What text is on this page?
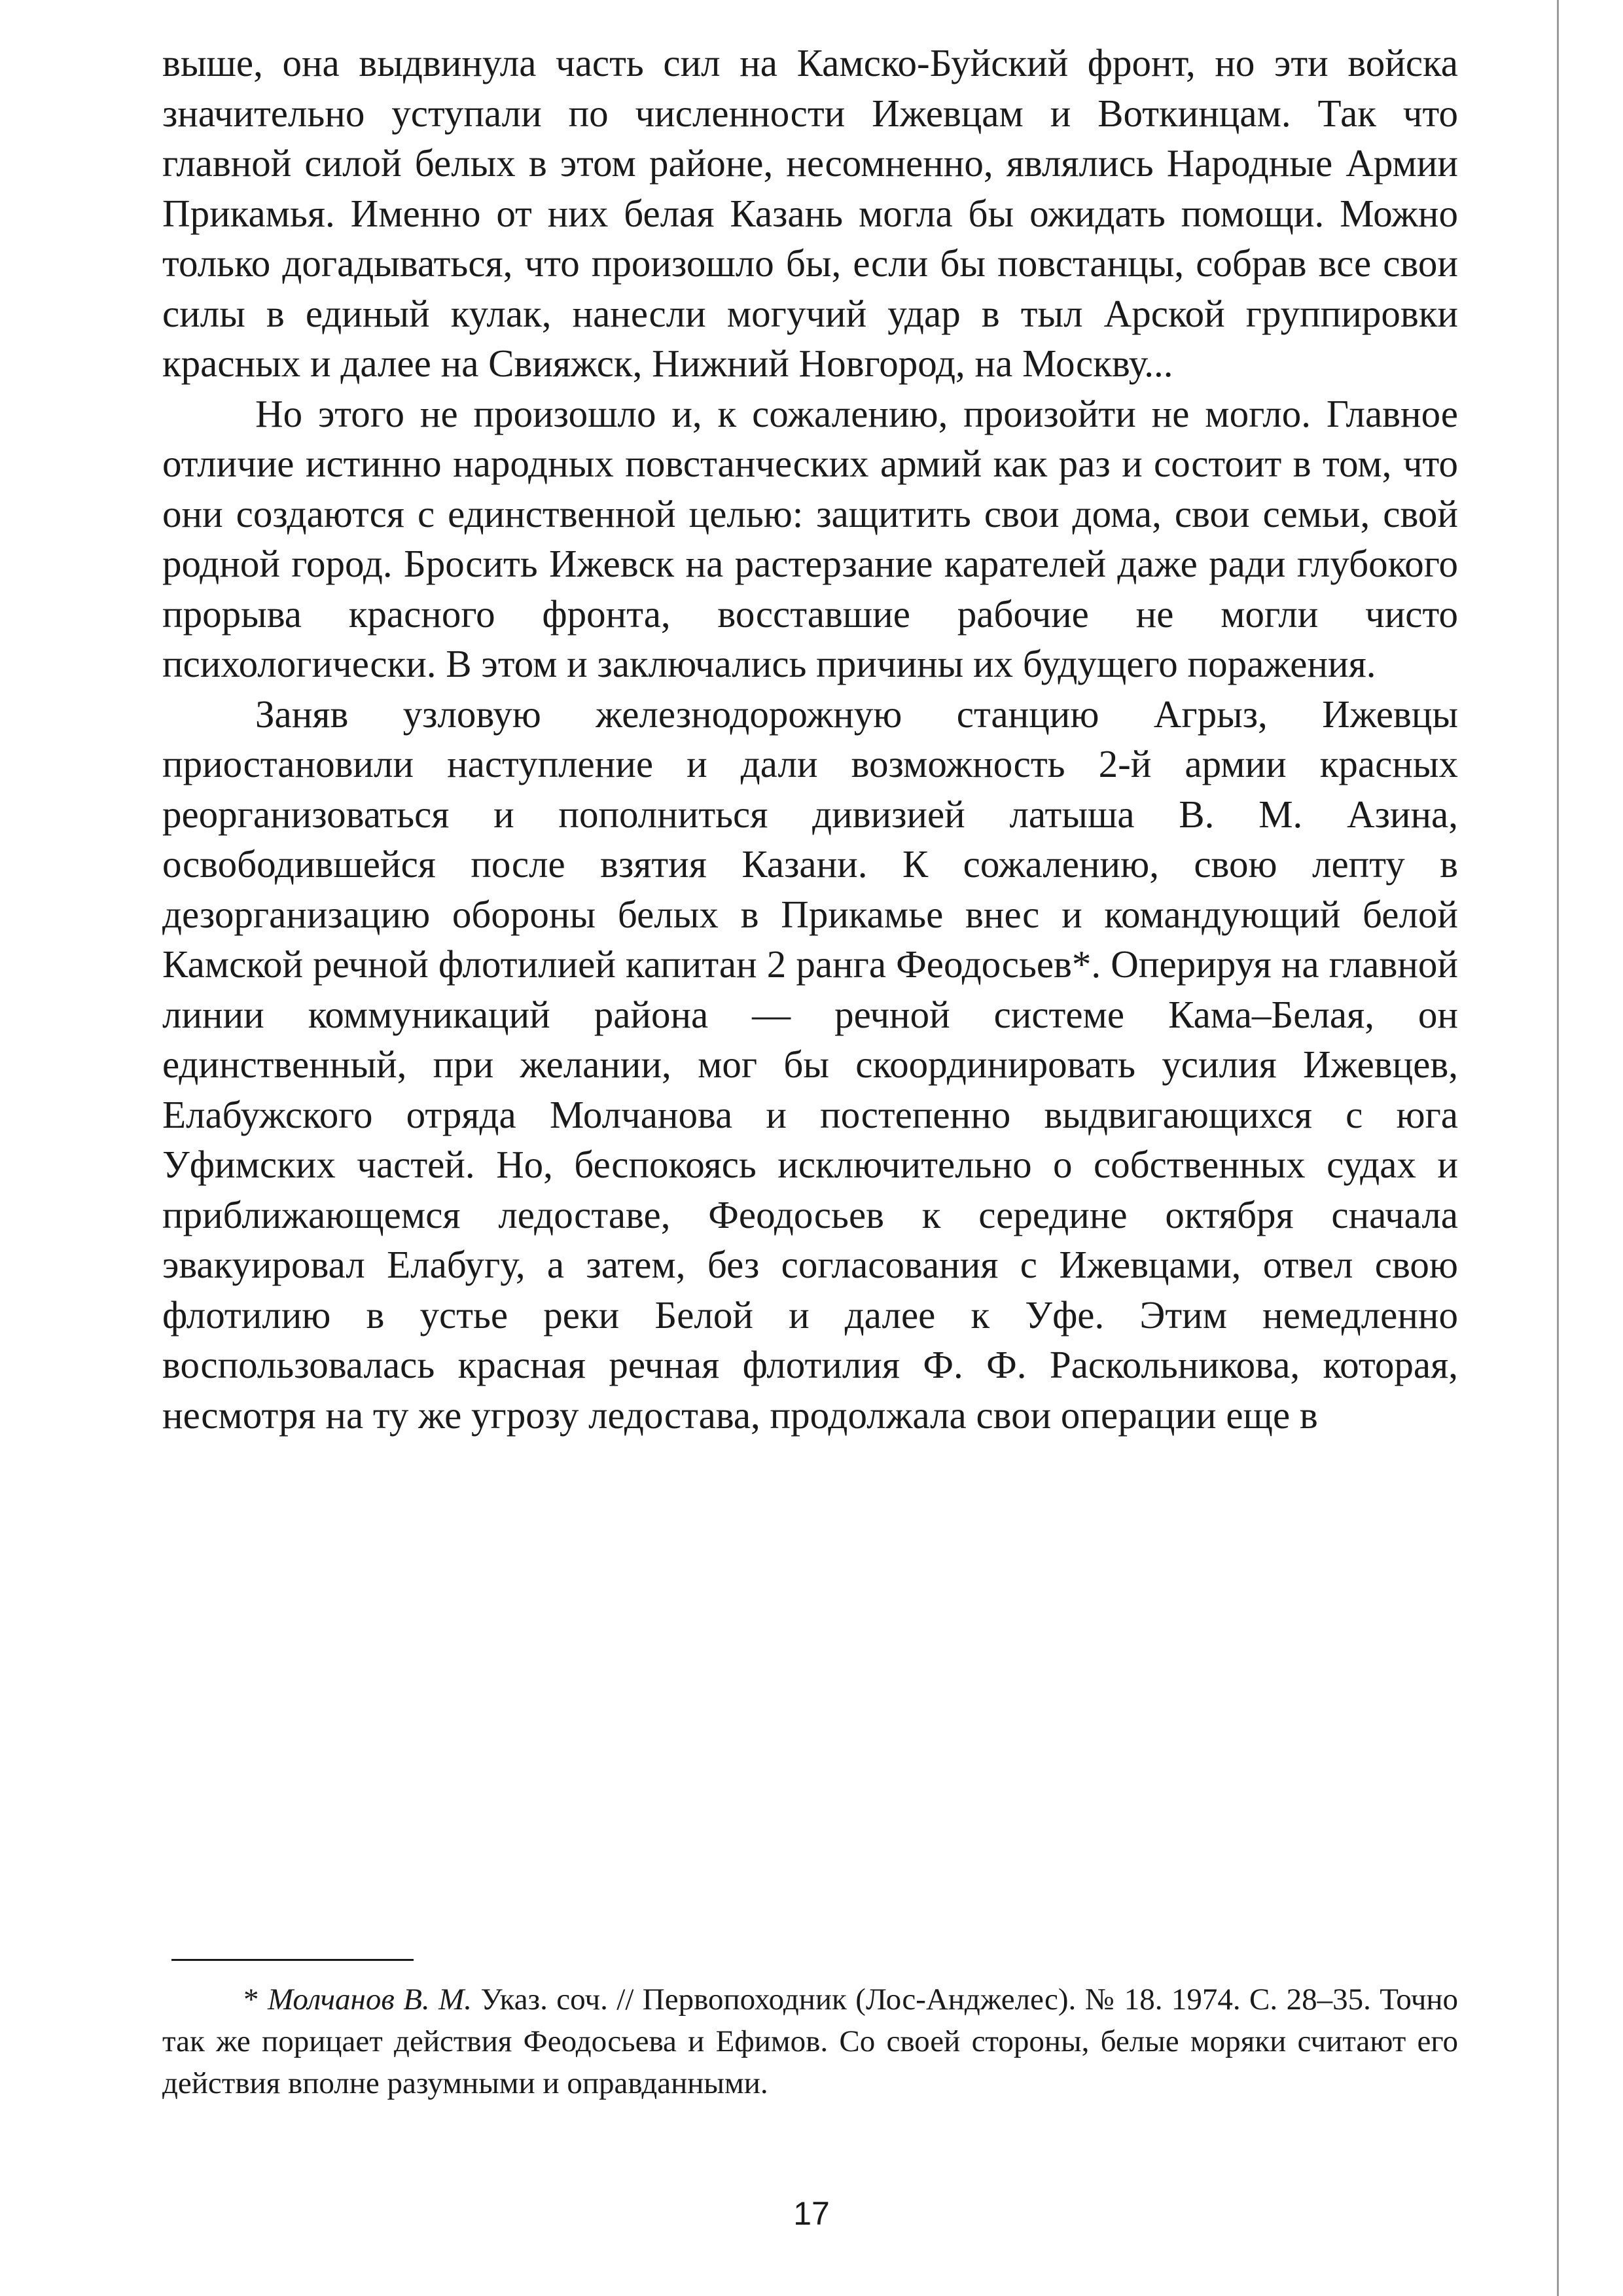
выше, она выдвинула часть сил на Камско-Буйский фронт, но эти войска значительно уступали по численности Ижевцам и Воткинцам. Так что главной силой белых в этом районе, несомненно, являлись Народные Армии Прикамья. Именно от них белая Казань могла бы ожидать помощи. Можно только догадываться, что произошло бы, если бы повстанцы, собрав все свои силы в единый кулак, нанесли могучий удар в тыл Арской группировки красных и далее на Свияжск, Нижний Новгород, на Москву...

Но этого не произошло и, к сожалению, произойти не могло. Главное отличие истинно народных повстанческих армий как раз и состоит в том, что они создаются с единственной целью: защитить свои дома, свои семьи, свой родной город. Бросить Ижевск на растерзание карателей даже ради глубокого прорыва красного фронта, восставшие рабочие не могли чисто психологически. В этом и заключались причины их будущего поражения.

Заняв узловую железнодорожную станцию Агрыз, Ижевцы приостановили наступление и дали возможность 2-й армии красных реорганизоваться и пополниться дивизией латыша В. М. Азина, освободившейся после взятия Казани. К сожалению, свою лепту в дезорганизацию обороны белых в Прикамье внес и командующий белой Камской речной флотилией капитан 2 ранга Феодосьев*. Оперируя на главной линии коммуникаций района — речной системе Кама–Белая, он единственный, при желании, мог бы скоординировать усилия Ижевцев, Елабужского отряда Молчанова и постепенно выдвигающихся с юга Уфимских частей. Но, беспокоясь исключительно о собственных судах и приближающемся ледоставе, Феодосьев к середине октября сначала эвакуировал Елабугу, а затем, без согласования с Ижевцами, отвел свою флотилию в устье реки Белой и далее к Уфе. Этим немедленно воспользовалась красная речная флотилия Ф. Ф. Раскольникова, которая, несмотря на ту же угрозу ледостава, продолжала свои операции еще в

* Молчанов В. М. Указ. соч. // Первопоходник (Лос-Анджелес). № 18. 1974. С. 28–35. Точно так же порицает действия Феодосьева и Ефимов. Со своей стороны, белые моряки считают его действия вполне разумными и оправданными.

17
